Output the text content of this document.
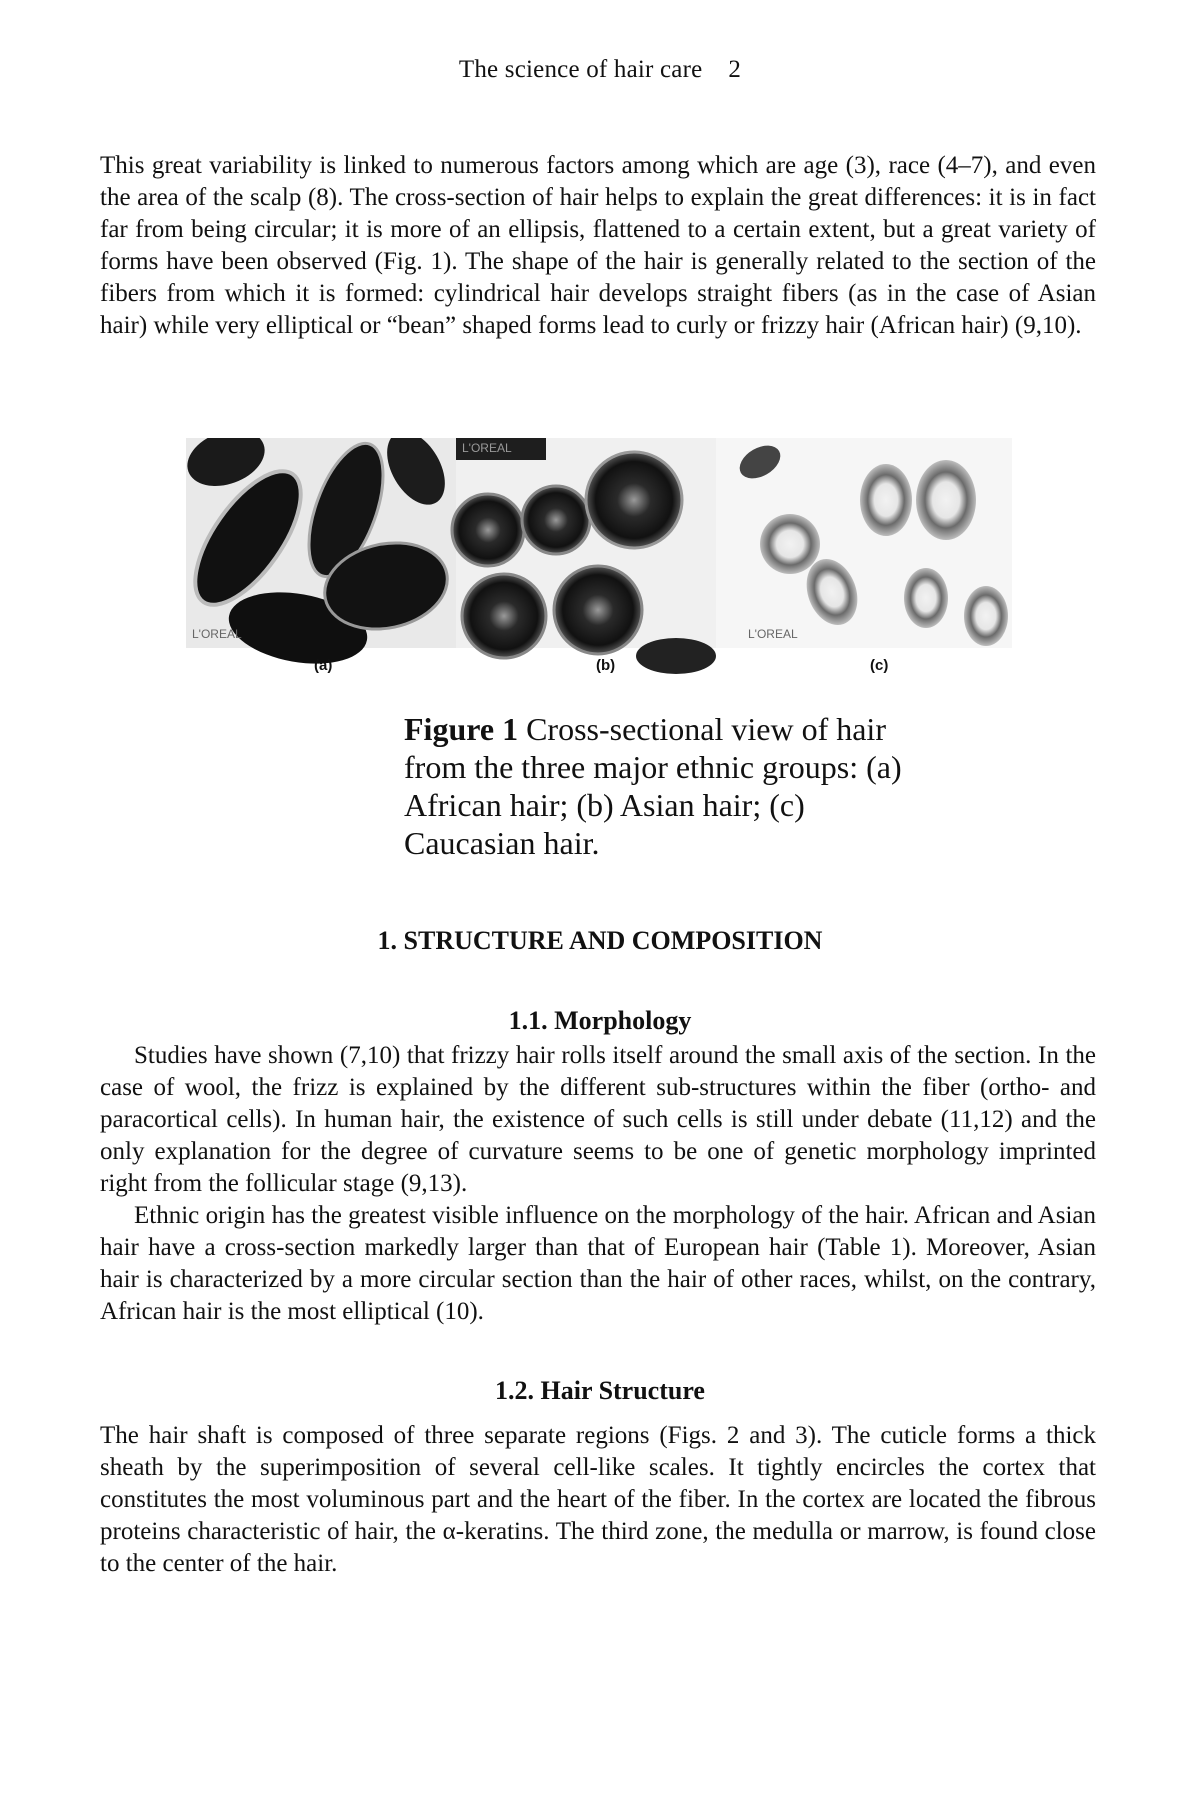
The science of hair care 2

This great variability is linked to numerous factors among which are age (3), race (4–7), and even the area of the scalp (8). The cross-section of hair helps to explain the great differences: it is in fact far from being circular; it is more of an ellipsis, flattened to a certain extent, but a great variety of forms have been observed (Fig. 1). The shape of the hair is generally related to the section of the fibers from which it is formed: cylindrical hair develops straight fibers (as in the case of Asian hair) while very elliptical or “bean” shaped forms lead to curly or frizzy hair (African hair) (9,10).

L'OREAL
L'OREAL
L'OREAL
(a)	(b)	(c)

Figure 1 Cross-sectional view of hair from the three major ethnic groups: (a) African hair; (b) Asian hair; (c) Caucasian hair.

1. STRUCTURE AND COMPOSITION
1.1. Morphology

Studies have shown (7,10) that frizzy hair rolls itself around the small axis of the section. In the case of wool, the frizz is explained by the different sub-structures within the fiber (ortho- and paracortical cells). In human hair, the existence of such cells is still under debate (11,12) and the only explanation for the degree of curvature seems to be one of genetic morphology imprinted right from the follicular stage (9,13).

Ethnic origin has the greatest visible influence on the morphology of the hair. African and Asian hair have a cross-section markedly larger than that of European hair (Table 1). Moreover, Asian hair is characterized by a more circular section than the hair of other races, whilst, on the contrary, African hair is the most elliptical (10).

1.2. Hair Structure

The hair shaft is composed of three separate regions (Figs. 2 and 3). The cuticle forms a thick sheath by the superimposition of several cell-like scales. It tightly encircles the cortex that constitutes the most voluminous part and the heart of the fiber. In the cortex are located the fibrous proteins characteristic of hair, the α-keratins. The third zone, the medulla or marrow, is found close to the center of the hair.
